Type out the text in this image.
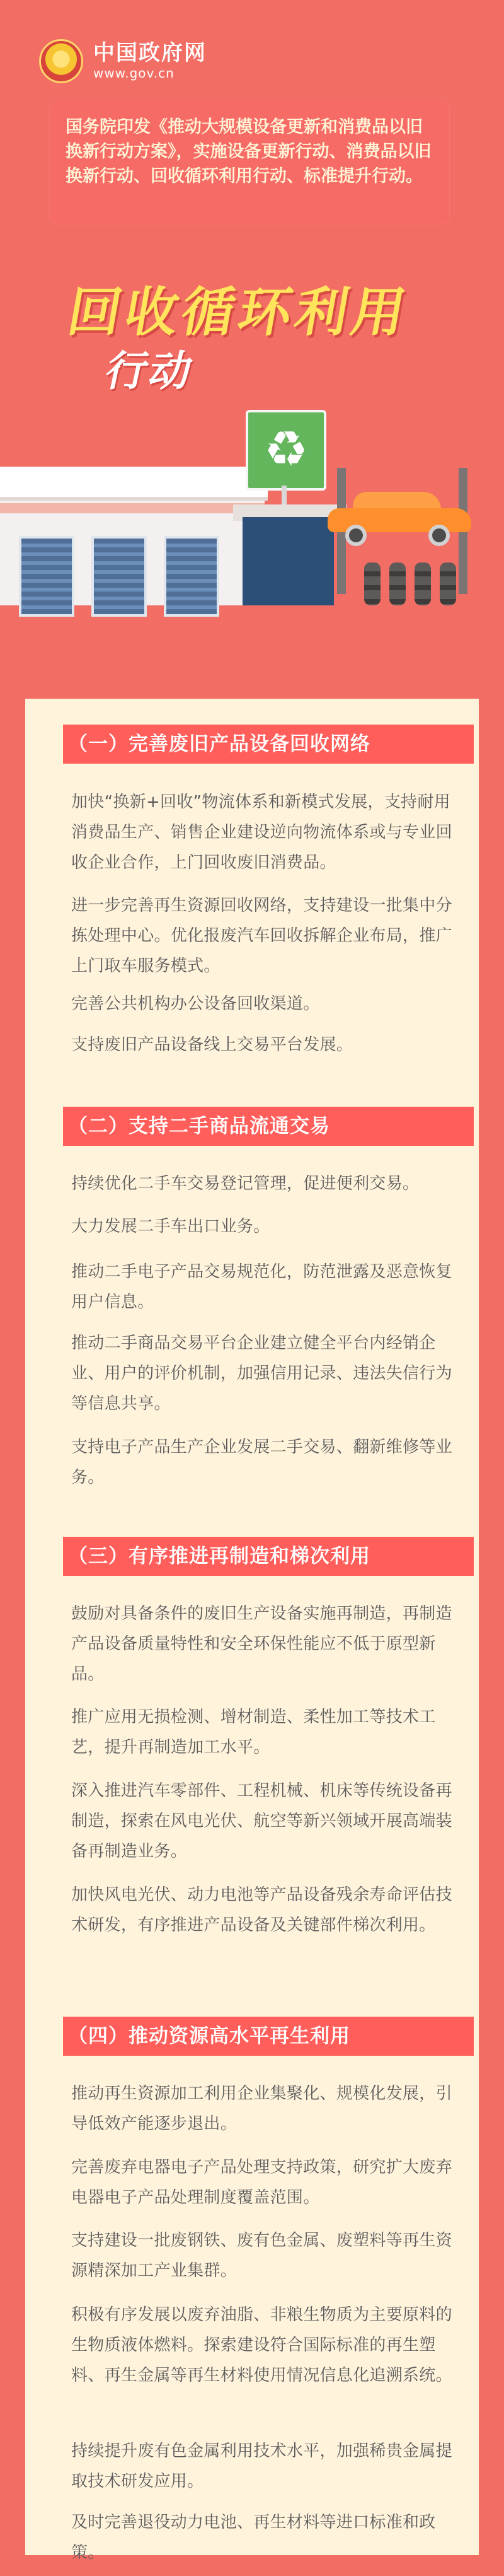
中国政府网
www.gov.cn
国务院印发《推动大规模设备更新和消费品以旧换新行动方案》，实施设备更新行动、消费品以旧换新行动、回收循环利用行动、标准提升行动。
回收循环利用
行动
♻
（一）完善废旧产品设备回收网络
加快“换新+回收”物流体系和新模式发展，支持耐用消费品生产、销售企业建设逆向物流体系或与专业回收企业合作，上门回收废旧消费品。
进一步完善再生资源回收网络，支持建设一批集中分拣处理中心。优化报废汽车回收拆解企业布局，推广上门取车服务模式。
完善公共机构办公设备回收渠道。
支持废旧产品设备线上交易平台发展。
（二）支持二手商品流通交易
持续优化二手车交易登记管理，促进便利交易。
大力发展二手车出口业务。
推动二手电子产品交易规范化，防范泄露及恶意恢复用户信息。
推动二手商品交易平台企业建立健全平台内经销企业、用户的评价机制，加强信用记录、违法失信行为等信息共享。
支持电子产品生产企业发展二手交易、翻新维修等业务。
（三）有序推进再制造和梯次利用
鼓励对具备条件的废旧生产设备实施再制造，再制造产品设备质量特性和安全环保性能应不低于原型新品。
推广应用无损检测、增材制造、柔性加工等技术工艺，提升再制造加工水平。
深入推进汽车零部件、工程机械、机床等传统设备再制造，探索在风电光伏、航空等新兴领域开展高端装备再制造业务。
加快风电光伏、动力电池等产品设备残余寿命评估技术研发，有序推进产品设备及关键部件梯次利用。
（四）推动资源高水平再生利用
推动再生资源加工利用企业集聚化、规模化发展，引导低效产能逐步退出。
完善废弃电器电子产品处理支持政策，研究扩大废弃电器电子产品处理制度覆盖范围。
支持建设一批废钢铁、废有色金属、废塑料等再生资源精深加工产业集群。
积极有序发展以废弃油脂、非粮生物质为主要原料的生物质液体燃料。探索建设符合国际标准的再生塑料、再生金属等再生材料使用情况信息化追溯系统。
持续提升废有色金属利用技术水平，加强稀贵金属提取技术研发应用。
及时完善退役动力电池、再生材料等进口标准和政策。
